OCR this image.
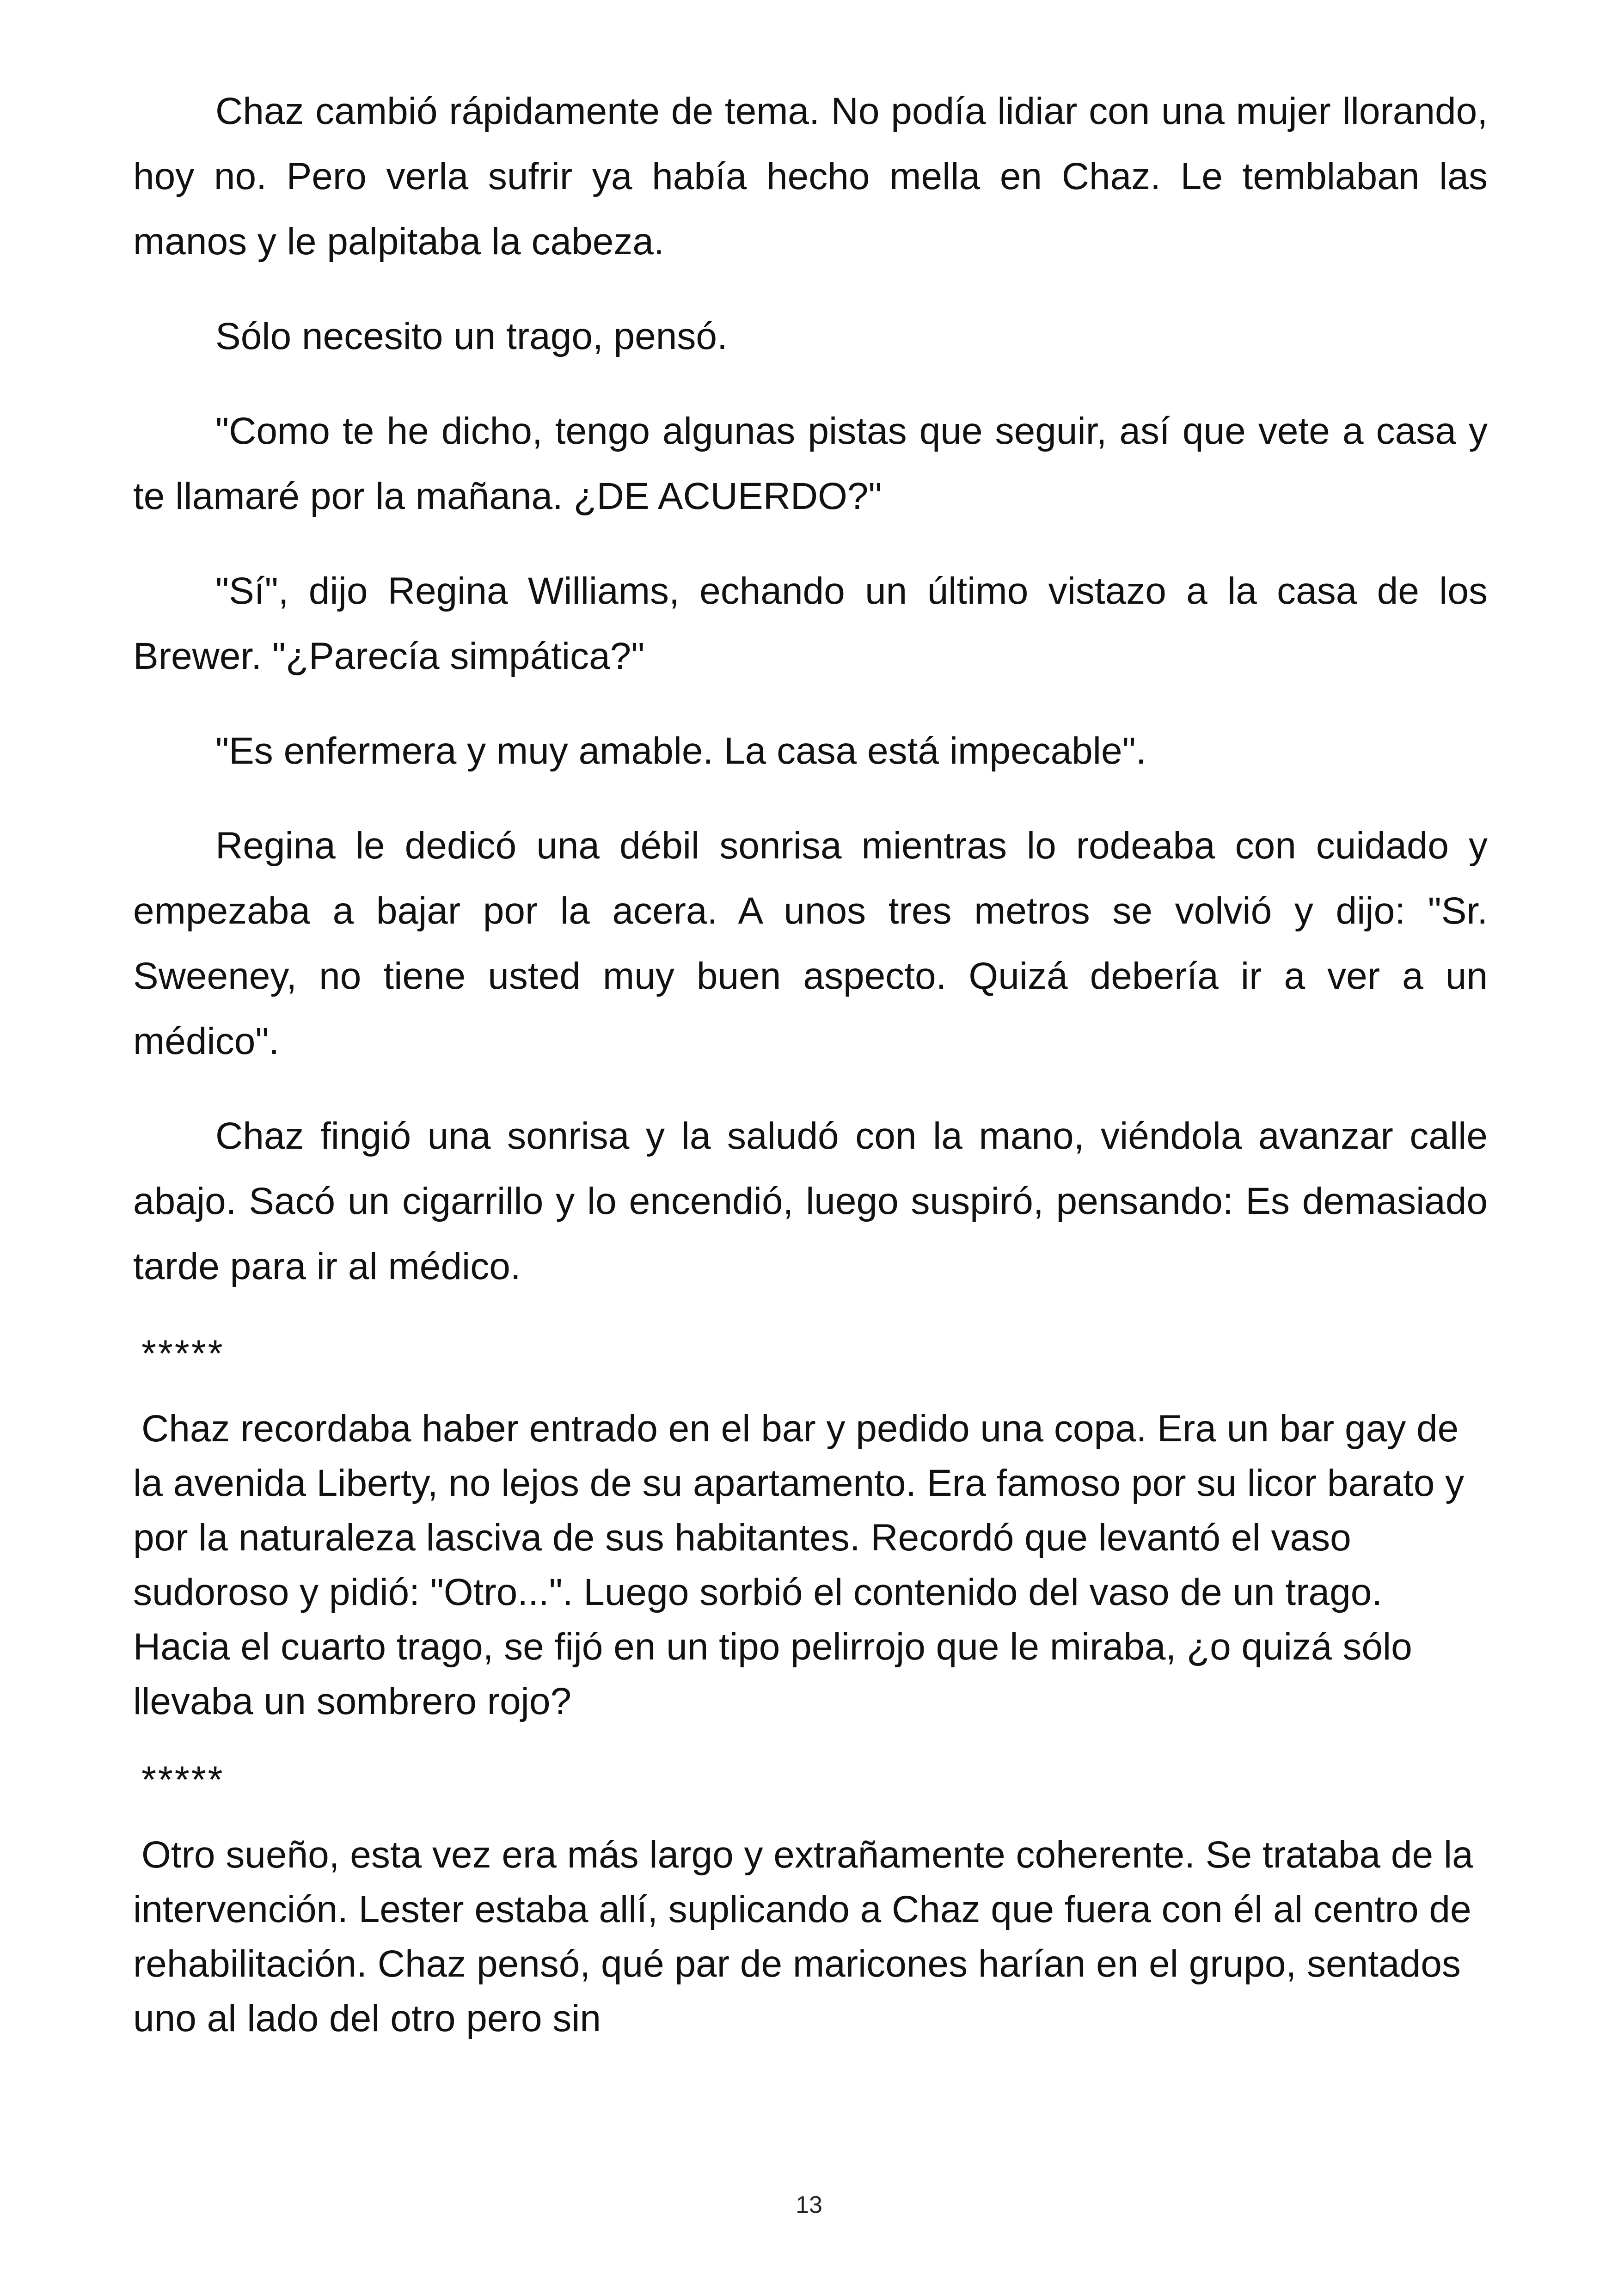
Chaz cambió rápidamente de tema. No podía lidiar con una mujer llorando, hoy no. Pero verla sufrir ya había hecho mella en Chaz. Le temblaban las manos y le palpitaba la cabeza.

Sólo necesito un trago, pensó.

"Como te he dicho, tengo algunas pistas que seguir, así que vete a casa y te llamaré por la mañana. ¿DE ACUERDO?"

"Sí", dijo Regina Williams, echando un último vistazo a la casa de los Brewer. "¿Parecía simpática?"

"Es enfermera y muy amable. La casa está impecable".

Regina le dedicó una débil sonrisa mientras lo rodeaba con cuidado y empezaba a bajar por la acera. A unos tres metros se volvió y dijo: "Sr. Sweeney, no tiene usted muy buen aspecto. Quizá debería ir a ver a un médico".

Chaz fingió una sonrisa y la saludó con la mano, viéndola avanzar calle abajo. Sacó un cigarrillo y lo encendió, luego suspiró, pensando: Es demasiado tarde para ir al médico.

*****

Chaz recordaba haber entrado en el bar y pedido una copa. Era un bar gay de la avenida Liberty, no lejos de su apartamento. Era famoso por su licor barato y por la naturaleza lasciva de sus habitantes. Recordó que levantó el vaso sudoroso y pidió: "Otro...". Luego sorbió el contenido del vaso de un trago. Hacia el cuarto trago, se fijó en un tipo pelirrojo que le miraba, ¿o quizá sólo llevaba un sombrero rojo?

*****

Otro sueño, esta vez era más largo y extrañamente coherente. Se trataba de la intervención. Lester estaba allí, suplicando a Chaz que fuera con él al centro de rehabilitación. Chaz pensó, qué par de maricones harían en el grupo, sentados uno al lado del otro pero sin

13
